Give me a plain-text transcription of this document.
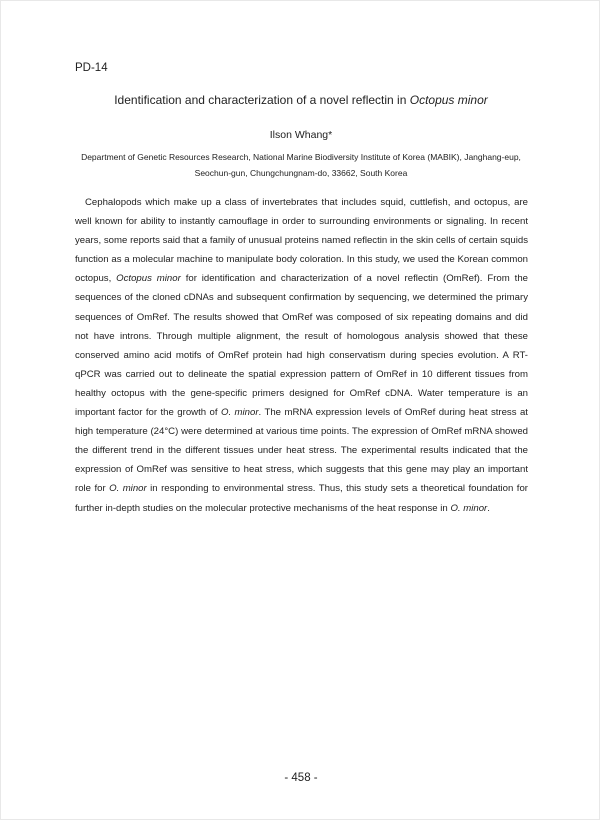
PD-14
Identification and characterization of a novel reflectin in Octopus minor
Ilson Whang*
Department of Genetic Resources Research, National Marine Biodiversity Institute of Korea (MABIK), Janghang-eup, Seochun-gun, Chungchungnam-do, 33662, South Korea

Cephalopods which make up a class of invertebrates that includes squid, cuttlefish, and octopus, are well known for ability to instantly camouflage in order to surrounding environments or signaling. In recent years, some reports said that a family of unusual proteins named reflectin in the skin cells of certain squids function as a molecular machine to manipulate body coloration. In this study, we used the Korean common octopus, Octopus minor for identification and characterization of a novel reflectin (OmRef). From the sequences of the cloned cDNAs and subsequent confirmation by sequencing, we determined the primary sequences of OmRef. The results showed that OmRef was composed of six repeating domains and did not have introns. Through multiple alignment, the result of homologous analysis showed that these conserved amino acid motifs of OmRef protein had high conservatism during species evolution. A RT-qPCR was carried out to delineate the spatial expression pattern of OmRef in 10 different tissues from healthy octopus with the gene-specific primers designed for OmRef cDNA. Water temperature is an important factor for the growth of O. minor. The mRNA expression levels of OmRef during heat stress at high temperature (24°C) were determined at various time points. The expression of OmRef mRNA showed the different trend in the different tissues under heat stress. The experimental results indicated that the expression of OmRef was sensitive to heat stress, which suggests that this gene may play an important role for O. minor in responding to environmental stress. Thus, this study sets a theoretical foundation for further in-depth studies on the molecular protective mechanisms of the heat response in O. minor.

- 458 -
